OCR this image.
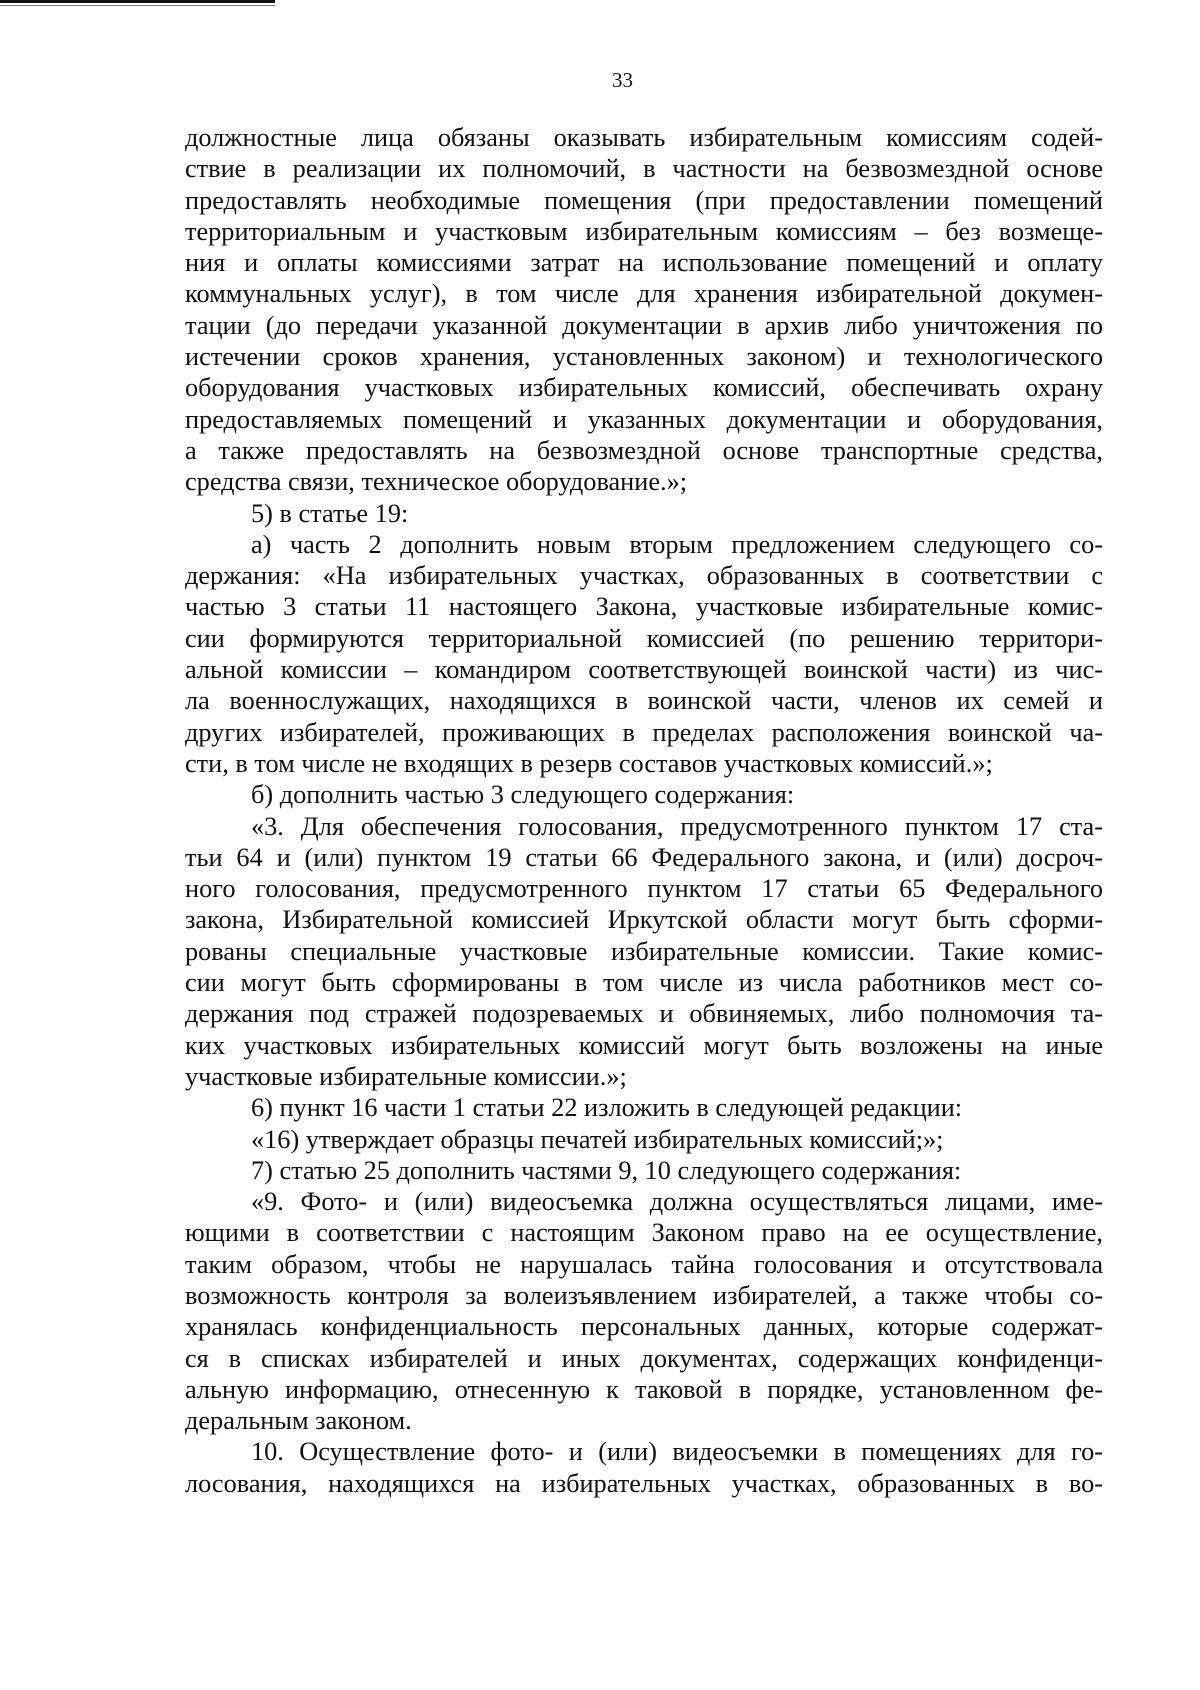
33
должностные лица обязаны оказывать избирательным комиссиям содей-
ствие в реализации их полномочий, в частности на безвозмездной основе
предоставлять необходимые помещения (при предоставлении помещений
территориальным и участковым избирательным комиссиям – без возмеще-
ния и оплаты комиссиями затрат на использование помещений и оплату
коммунальных услуг), в том числе для хранения избирательной докумен-
тации (до передачи указанной документации в архив либо уничтожения по
истечении сроков хранения, установленных законом) и технологического
оборудования участковых избирательных комиссий, обеспечивать охрану
предоставляемых помещений и указанных документации и оборудования,
а также предоставлять на безвозмездной основе транспортные средства,
средства связи, техническое оборудование.»;
5) в статье 19:
а) часть 2 дополнить новым вторым предложением следующего со-
держания: «На избирательных участках, образованных в соответствии с
частью 3 статьи 11 настоящего Закона, участковые избирательные комис-
сии формируются территориальной комиссией (по решению территори-
альной комиссии – командиром соответствующей воинской части) из чис-
ла военнослужащих, находящихся в воинской части, членов их семей и
других избирателей, проживающих в пределах расположения воинской ча-
сти, в том числе не входящих в резерв составов участковых комиссий.»;
б) дополнить частью 3 следующего содержания:
«3. Для обеспечения голосования, предусмотренного пунктом 17 ста-
тьи 64 и (или) пунктом 19 статьи 66 Федерального закона, и (или) досроч-
ного голосования, предусмотренного пунктом 17 статьи 65 Федерального
закона, Избирательной комиссией Иркутской области могут быть сформи-
рованы специальные участковые избирательные комиссии. Такие комис-
сии могут быть сформированы в том числе из числа работников мест со-
держания под стражей подозреваемых и обвиняемых, либо полномочия та-
ких участковых избирательных комиссий могут быть возложены на иные
участковые избирательные комиссии.»;
6) пункт 16 части 1 статьи 22 изложить в следующей редакции:
«16) утверждает образцы печатей избирательных комиссий;»;
7) статью 25 дополнить частями 9, 10 следующего содержания:
«9. Фото- и (или) видеосъемка должна осуществляться лицами, име-
ющими в соответствии с настоящим Законом право на ее осуществление,
таким образом, чтобы не нарушалась тайна голосования и отсутствовала
возможность контроля за волеизъявлением избирателей, а также чтобы со-
хранялась конфиденциальность персональных данных, которые содержат-
ся в списках избирателей и иных документах, содержащих конфиденци-
альную информацию, отнесенную к таковой в порядке, установленном фе-
деральным законом.
10. Осуществление фото- и (или) видеосъемки в помещениях для го-
лосования, находящихся на избирательных участках, образованных в во-
